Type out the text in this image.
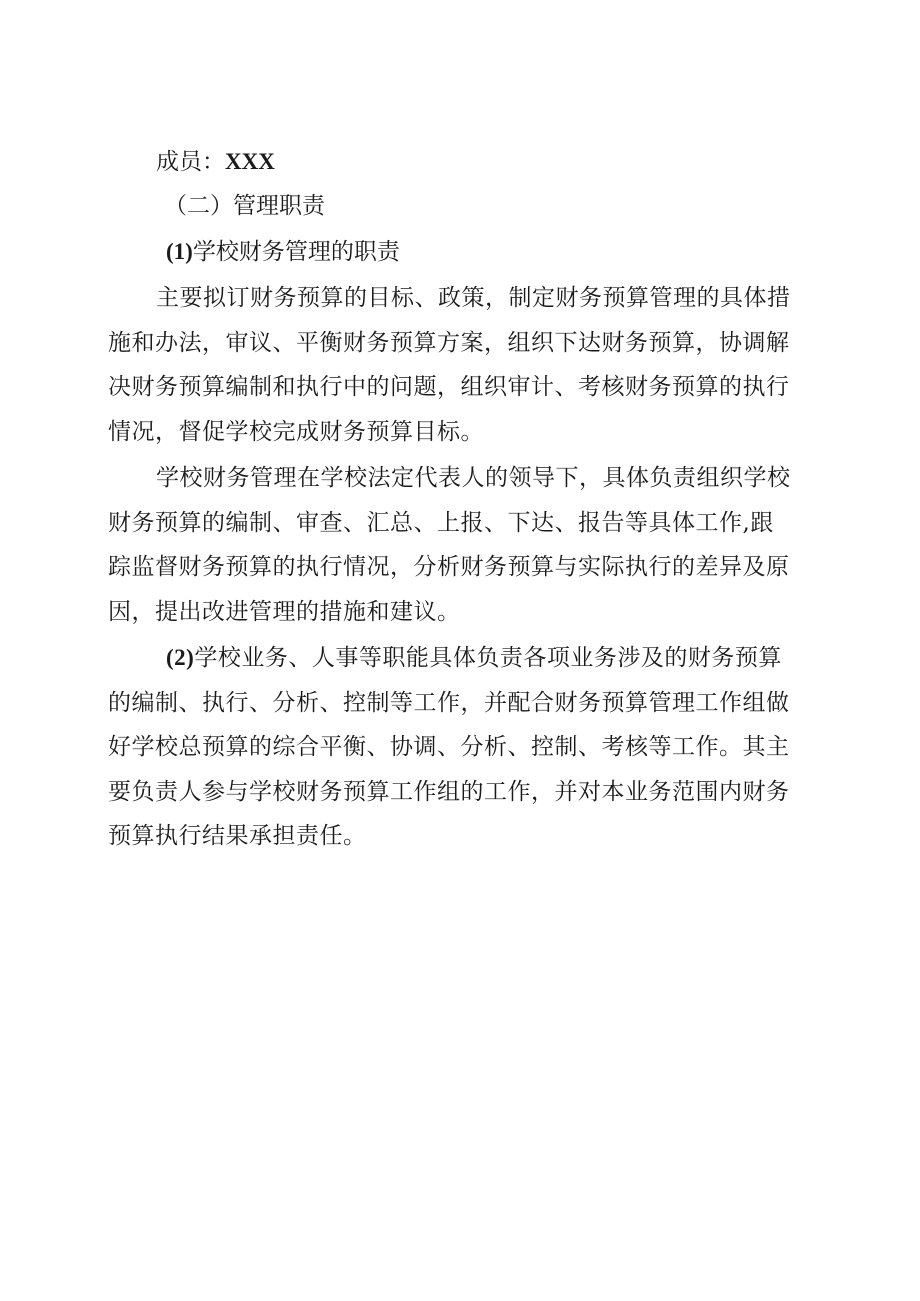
成员：XXX

（二）管理职责

(1)学校财务管理的职责

主要拟订财务预算的目标、政策，制定财务预算管理的具体措
施和办法，审议、平衡财务预算方案，组织下达财务预算，协调解
决财务预算编制和执行中的问题，组织审计、考核财务预算的执行
情况，督促学校完成财务预算目标。
学校财务管理在学校法定代表人的领导下，具体负责组织学校
财务预算的编制、审查、汇总、上报、下达、报告等具体工作,跟
踪监督财务预算的执行情况，分析财务预算与实际执行的差异及原
因，提出改进管理的措施和建议。
(2)学校业务、人事等职能具体负责各项业务涉及的财务预算
的编制、执行、分析、控制等工作，并配合财务预算管理工作组做
好学校总预算的综合平衡、协调、分析、控制、考核等工作。其主
要负责人参与学校财务预算工作组的工作，并对本业务范围内财务
预算执行结果承担责任。
